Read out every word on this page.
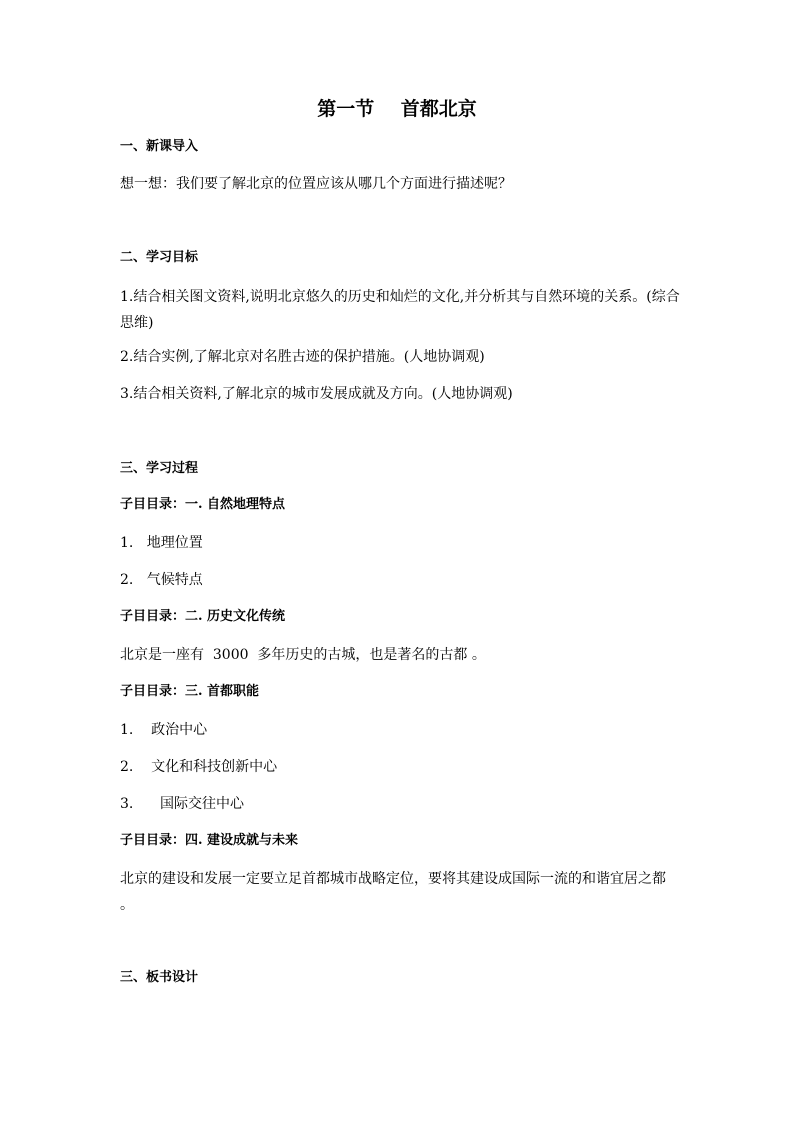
第一节    首都北京
一、新课导入
想一想：我们要了解北京的位置应该从哪几个方面进行描述呢？
二、学习目标
1.结合相关图文资料,说明北京悠久的历史和灿烂的文化,并分析其与自然环境的关系。(综合思维)
2.结合实例,了解北京对名胜古迹的保护措施。(人地协调观)
3.结合相关资料,了解北京的城市发展成就及方向。(人地协调观)
三、学习过程
子目目录：一. 自然地理特点
1.   地理位置
2.   气候特点
子目目录：二. 历史文化传统
北京是一座有  3000  多年历史的古城，也是著名的古都 。
子目目录：三. 首都职能
1.    政治中心
2.    文化和科技创新中心
3.      国际交往中心
子目目录：四. 建设成就与未来
北京的建设和发展一定要立足首都城市战略定位，要将其建设成国际一流的和谐宜居之都 。
三、板书设计
